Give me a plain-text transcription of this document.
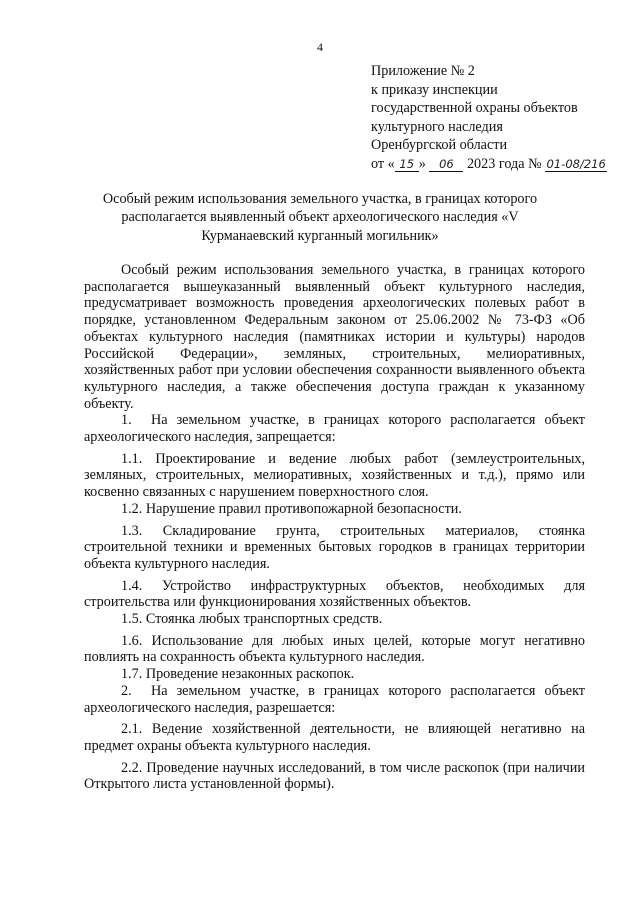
4
Приложение № 2
к приказу инспекции
государственной охраны объектов
культурного наследия
Оренбургской области
от « 15 » 06 2023 года № 01-08/216
Особый режим использования земельного участка, в границах которого располагается выявленный объект археологического наследия «V Курманаевский курганный могильник»

Особый режим использования земельного участка, в границах которого располагается вышеуказанный выявленный объект культурного наследия, предусматривает возможность проведения археологических полевых работ в порядке, установленном Федеральным законом от 25.06.2002 № 73-ФЗ «Об объектах культурного наследия (памятниках истории и культуры) народов Российской Федерации», земляных, строительных, мелиоративных, хозяйственных работ при условии обеспечения сохранности выявленного объекта культурного наследия, а также обеспечения доступа граждан к указанному объекту.

1. На земельном участке, в границах которого располагается объект археологического наследия, запрещается:

1.1. Проектирование и ведение любых работ (землеустроительных, земляных, строительных, мелиоративных, хозяйственных и т.д.), прямо или косвенно связанных с нарушением поверхностного слоя.

1.2. Нарушение правил противопожарной безопасности.

1.3. Складирование грунта, строительных материалов, стоянка строительной техники и временных бытовых городков в границах территории объекта культурного наследия.

1.4. Устройство инфраструктурных объектов, необходимых для строительства или функционирования хозяйственных объектов.

1.5. Стоянка любых транспортных средств.

1.6. Использование для любых иных целей, которые могут негативно повлиять на сохранность объекта культурного наследия.

1.7. Проведение незаконных раскопок.

2. На земельном участке, в границах которого располагается объект археологического наследия, разрешается:

2.1. Ведение хозяйственной деятельности, не влияющей негативно на предмет охраны объекта культурного наследия.

2.2. Проведение научных исследований, в том числе раскопок (при наличии Открытого листа установленной формы).
